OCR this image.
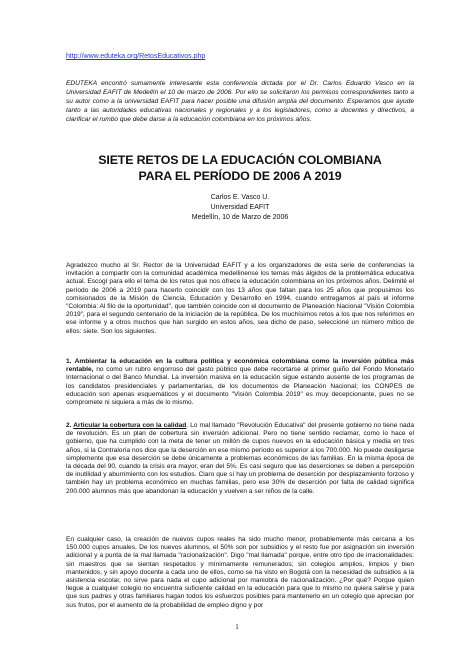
http://www.eduteka.org/RetosEducativos.php
EDUTEKA encontró sumamente interesante esta conferencia dictada por el Dr. Carlos Eduardo Vasco en la Universidad EAFIT de Medellín el 10 de marzo de 2006. Por ello se solicitaron los permisos correspondientes tanto a su autor como a la universidad EAFIT para hacer posible una difusión amplia del documento. Esperamos que ayude tanto a las autoridades educativas nacionales y regionales y a los legisladores, como a docentes y directivos, a clarificar el rumbo que debe darse a la educación colombiana en los próximos años.
SIETE RETOS DE LA EDUCACIÓN COLOMBIANA
PARA EL PERÍODO DE 2006 A 2019
Carlos E. Vasco U.
Universidad EAFIT
Medellín, 10 de Marzo de 2006

Agradezco mucho al Sr. Rector de la Universidad EAFIT y a los organizadores de esta serie de conferencias la invitación a compartir con la comunidad académica medellinense los temas más álgidos de la problemática educativa actual. Escogí para ello el tema de los retos que nos ofrece la educación colombiana en los próximos años. Delimité el período de 2006 a 2019 para hacerlo coincidir con los 13 años que faltan para los 25 años que propusimos los comisionados de la Misión de Ciencia, Educación y Desarrollo en 1994, cuando entregamos al país el informe "Colombia: Al filo de la oportunidad", que también coincide con el documento de Planeación Nacional "Visión Colombia 2019", para el segundo centenario de la iniciación de la república. De los muchísimos retos a los que nos referimos en ese informe y a otros muchos que han surgido en estos años, sea dicho de paso, seleccioné un número mítico de ellos: siete. Son los siguientes.

1. Ambientar la educación en la cultura política y económica colombiana como la inversión pública más rentable, no como un rubro engorroso del gasto público que debe recortarse al primer guiño del Fondo Monetario Internacional o del Banco Mundial. La inversión masiva en la educación sigue estando ausente de los programas de los candidatos presidenciales y parlamentarias, de los documentos de Planeación Nacional; los CONPES de educación son apenas esquemáticos y el documento "Visión Colombia 2019" es muy decepcionante, pues no se compromete ni siquiera a más de lo mismo.

2. Articular la cobertura con la calidad. Lo mal llamado "Revolución Educativa" del presente gobierno no tiene nada de revolución. Es un plan de cobertura sin inversión adicional. Pero no tiene sentido reclamar, como lo hace el gobierno, que ha cumplido con la meta de tener un millón de cupos nuevos en la educación básica y media en tres años, si la Contraloría nos dice que la deserción en ese mismo período es superior a los 700.000. No puede desligarse simplemente que esa deserción se debe únicamente a problemas económicos de las familias. En la misma época de la década del 90, cuando la crisis era mayor, eran del 5%. Es casi seguro que las deserciones se deben a percepción de inutilidad y aburrimiento con los estudios. Claro que sí hay un problema de deserción por desplazamiento forzoso y también hay un problema económico en muchas familias, pero ese 30% de deserción por falta de calidad significa 200.000 alumnos más que abandonan la educación y vuelven a ser niños de la calle.

En cualquier caso, la creación de nuevos cupos reales ha sido mucho menor, probablemente más cercana a los 150.000 cupos anuales. De los nuevos alumnos, el 50% son por subsidios y el resto fue por asignación sin inversión adicional y a punta de la mal llamada "racionalización". Digo "mal llamada" porque, entre otro tipo de irracionalidades: sin maestros que se sientan respetados y mínimamente remunerados; sin colegios amplios, limpios y bien mantenidos, y sin apoyo docente a cada uno de ellos, como se ha visto en Bogotá con la necesidad de subsidios a la asistencia escolar, no sirve para nada el cupo adicional por maniobra de racionalización. ¿Por qué? Porque quien llegue a cualquier colegio no encuentra suficiente calidad en la educación para que lo mismo no quiera salirse y para que sus padres y otras familiares hagan todos los esfuerzos posibles para mantenerlo en un colegio que aprecian por sus frutos, por el aumento de la probabilidad de empleo digno y por

1
